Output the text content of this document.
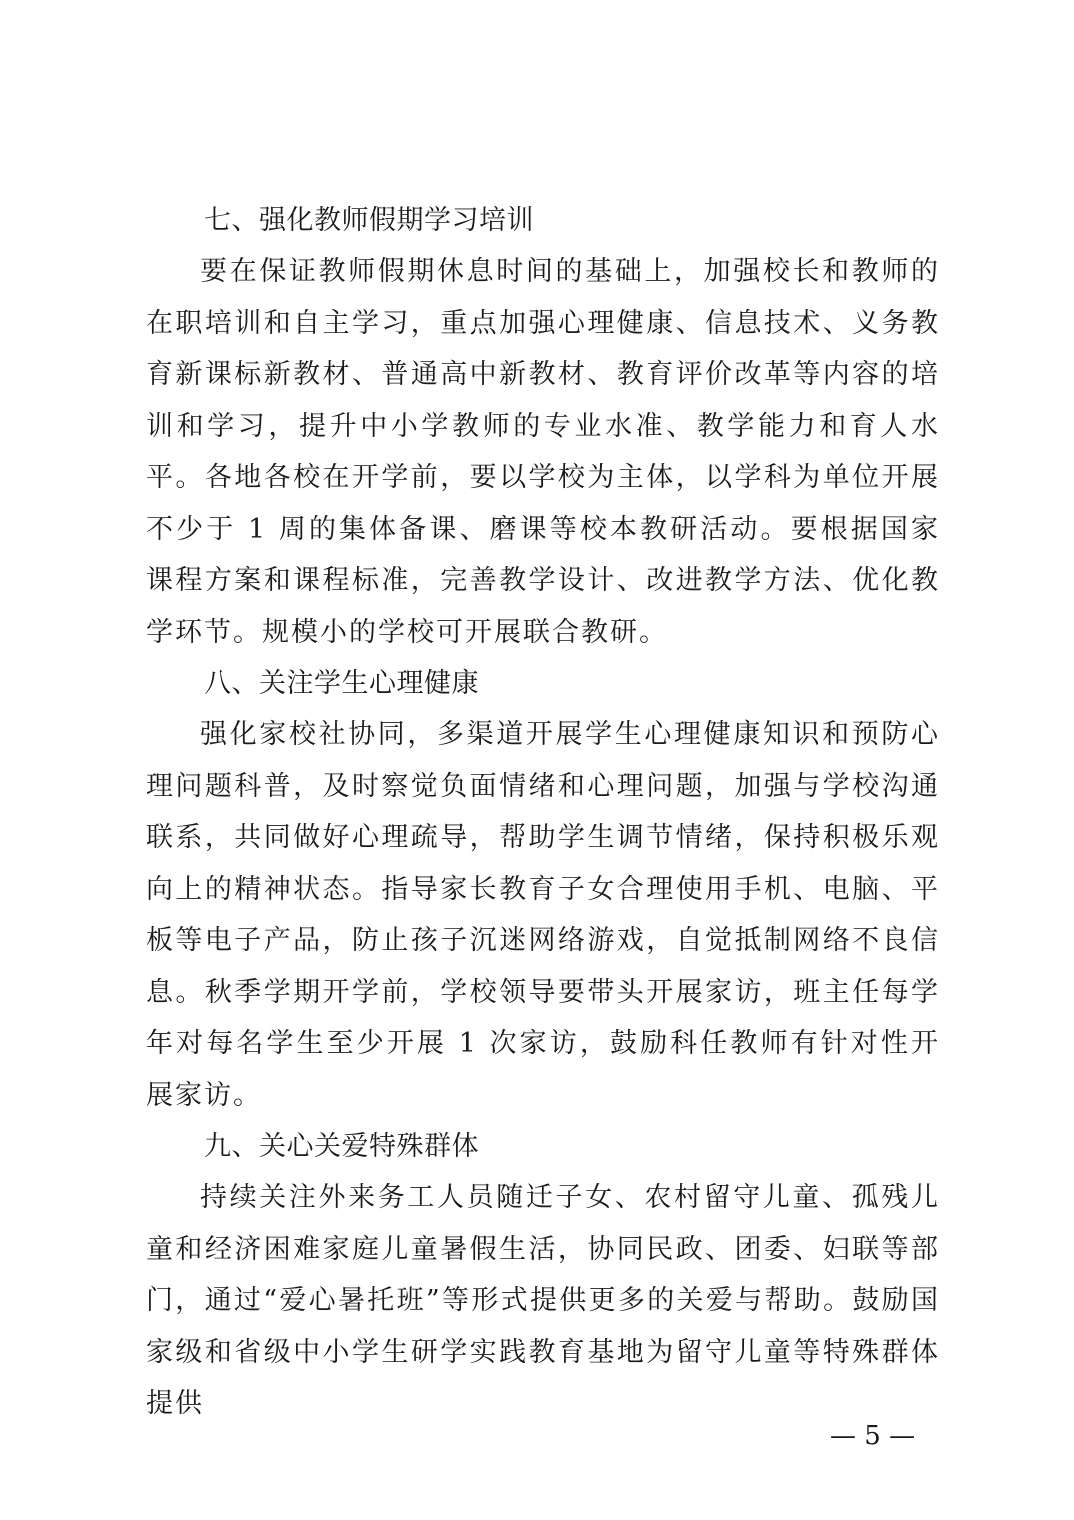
七、强化教师假期学习培训

要在保证教师假期休息时间的基础上，加强校长和教师的在职培训和自主学习，重点加强心理健康、信息技术、义务教育新课标新教材、普通高中新教材、教育评价改革等内容的培训和学习，提升中小学教师的专业水准、教学能力和育人水平。各地各校在开学前，要以学校为主体，以学科为单位开展不少于 1 周的集体备课、磨课等校本教研活动。要根据国家课程方案和课程标准，完善教学设计、改进教学方法、优化教学环节。规模小的学校可开展联合教研。

八、关注学生心理健康

强化家校社协同，多渠道开展学生心理健康知识和预防心理问题科普，及时察觉负面情绪和心理问题，加强与学校沟通联系，共同做好心理疏导，帮助学生调节情绪，保持积极乐观向上的精神状态。指导家长教育子女合理使用手机、电脑、平板等电子产品，防止孩子沉迷网络游戏，自觉抵制网络不良信息。秋季学期开学前，学校领导要带头开展家访，班主任每学年对每名学生至少开展 1 次家访，鼓励科任教师有针对性开展家访。

九、关心关爱特殊群体

持续关注外来务工人员随迁子女、农村留守儿童、孤残儿童和经济困难家庭儿童暑假生活，协同民政、团委、妇联等部门，通过“爱心暑托班”等形式提供更多的关爱与帮助。鼓励国家级和省级中小学生研学实践教育基地为留守儿童等特殊群体提供

— 5 —
